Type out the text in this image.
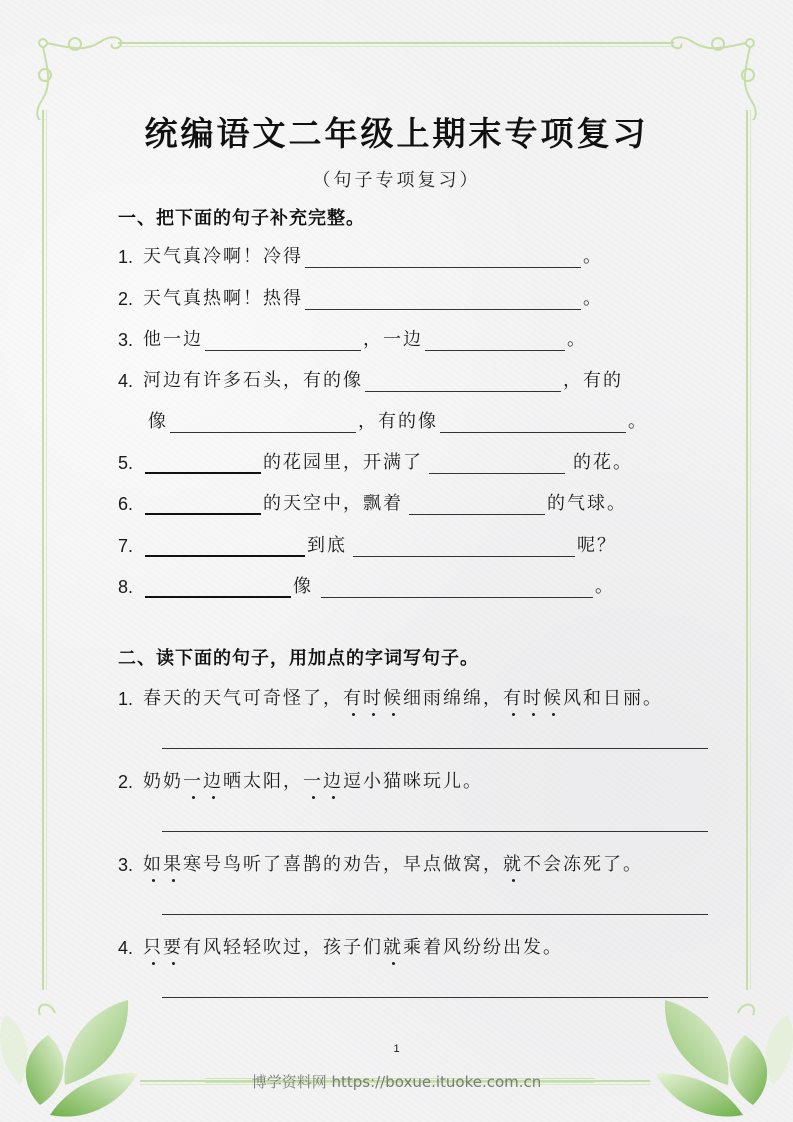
统编语文二年级上期末专项复习
（句子专项复习）
一、把下面的句子补充完整。
1. 天气真冷啊！冷得	。
2. 天气真热啊！热得	。
3. 他一边	，一边	。
4. 河边有许多石头，有的像	，有的
像	，有的像	。
5.	的花园里，开满了	的花。
6.	的天空中，飘着	的气球。
7.	到底	呢？
8.	像	。
二、读下面的句子，用加点的字词写句子。
1. 春天的天气可奇怪了，有时候细雨绵绵，有时候风和日丽。
2. 奶奶一边晒太阳，一边逗小猫咪玩儿。
3. 如果寒号鸟听了喜鹊的劝告，早点做窝，就不会冻死了。
4. 只要有风轻轻吹过，孩子们就乘着风纷纷出发。
1
博学资料网 https://boxue.ituoke.com.cn
